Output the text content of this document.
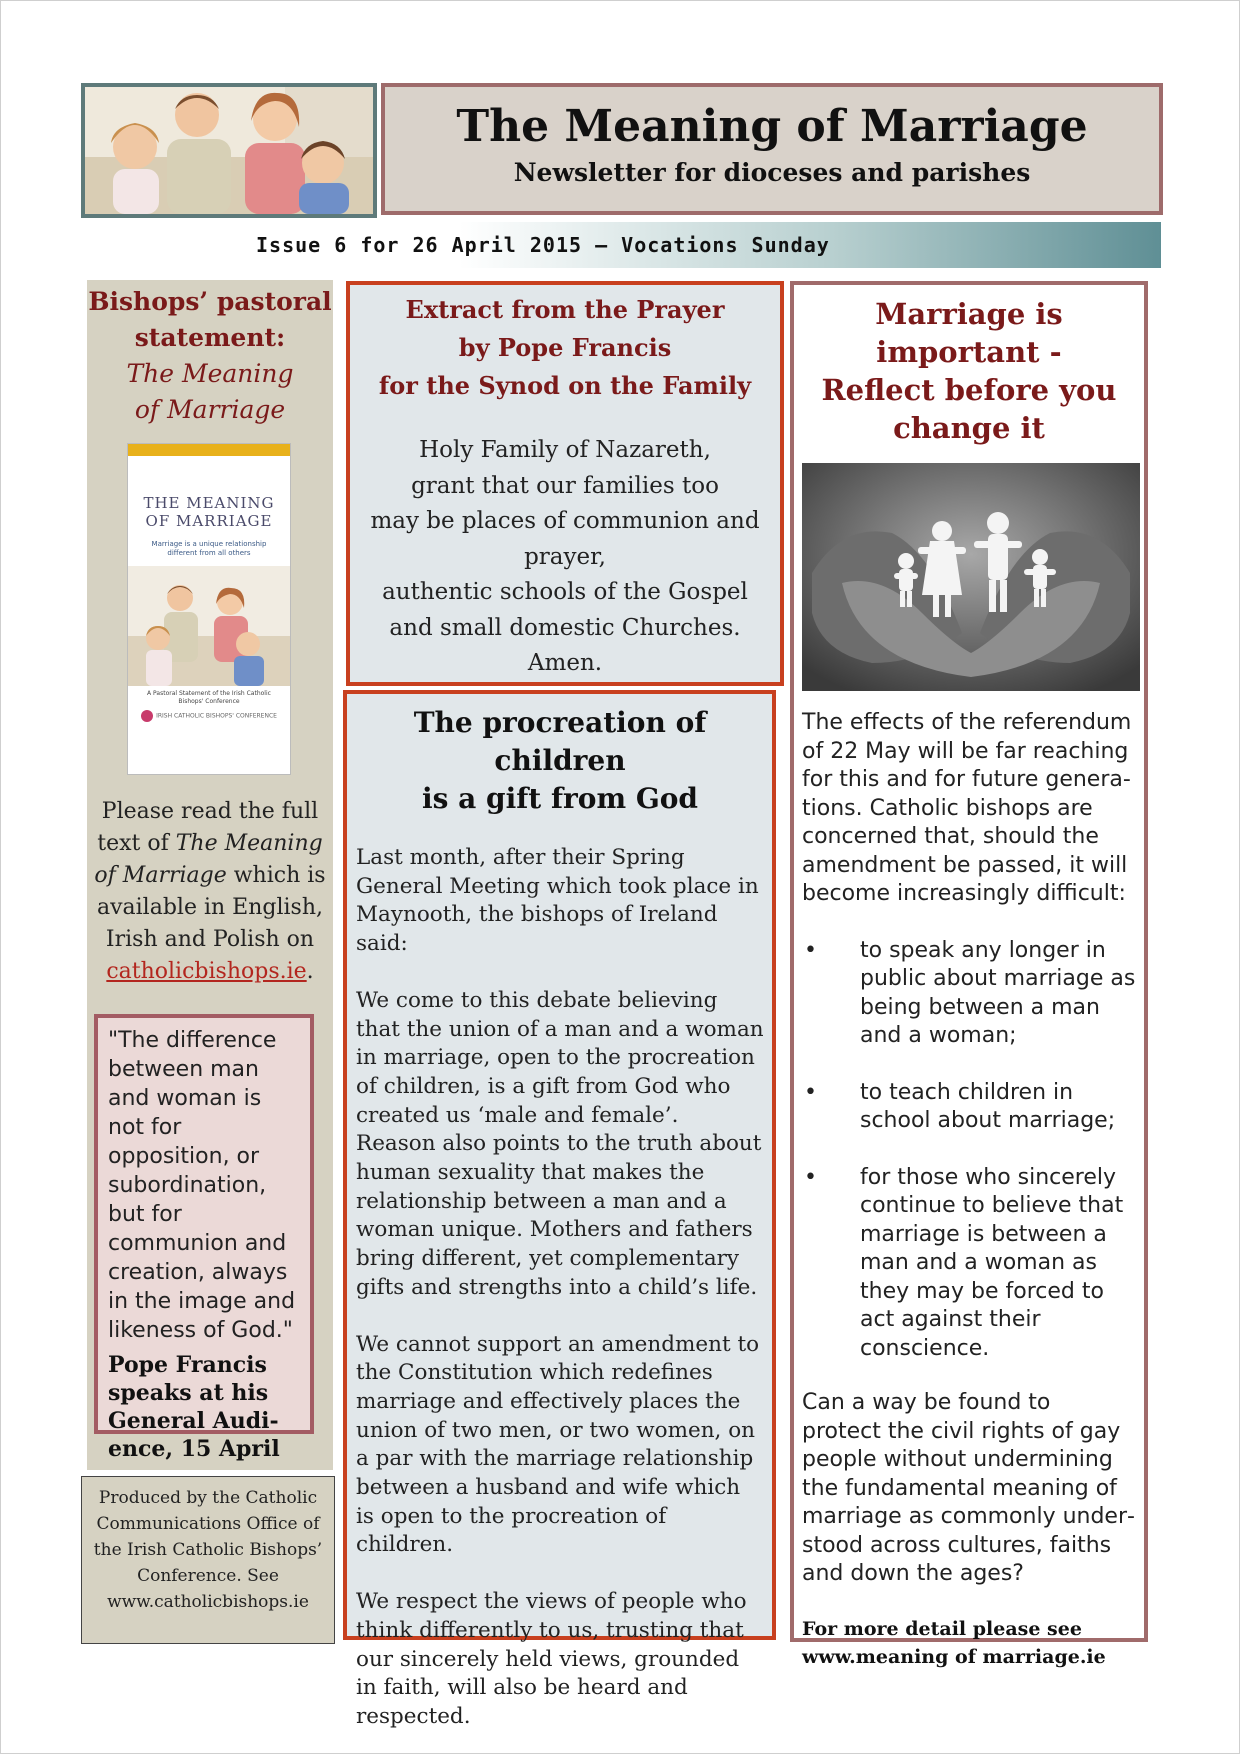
The Meaning of Marriage
Newsletter for dioceses and parishes
Issue 6 for 26 April 2015 — Vocations Sunday
Bishops’ pastoral
statement:
The Meaning
of Marriage
THE MEANING
OF MARRIAGE
Marriage is a unique relationship different from all others
A Pastoral Statement of the Irish Catholic Bishops' Conference
IRISH CATHOLIC BISHOPS' CONFERENCE
Please read the full text of The Meaning of Marriage which is available in English, Irish and Polish on catholicbishops.ie.
"The difference between man and woman is not for opposition, or subordination, but for communion and creation, always in the image and likeness of God."
Pope Francis speaks at his General Audience, 15 April
Produced by the Catholic Communications Office of the Irish Catholic Bishops’ Conference. See www.catholicbishops.ie
Extract from the Prayer
by Pope Francis
for the Synod on the Family
Holy Family of Nazareth,
grant that our families too
may be places of communion and
prayer,
authentic schools of the Gospel
and small domestic Churches. Amen.
The procreation of children
is a gift from God

Last month, after their Spring General Meeting which took place in Maynooth, the bishops of Ireland said:

We come to this debate believing that the union of a man and a woman in marriage, open to the procreation of children, is a gift from God who created us ‘male and female’. Reason also points to the truth about human sexuality that makes the relationship between a man and a woman unique. Mothers and fathers bring different, yet complementary gifts and strengths into a child’s life.

We cannot support an amendment to the Constitution which redefines marriage and effectively places the union of two men, or two women, on a par with the marriage relationship between a husband and wife which is open to the procreation of children.

We respect the views of people who think differently to us, trusting that our sincerely held views, grounded in faith, will also be heard and respected.

Marriage is important -
Reflect before you
change it

The effects of the referendum of 22 May will be far reaching for this and for future generations. Catholic bishops are concerned that, should the amendment be passed, it will become increasingly difficult:

• to speak any longer in public about marriage as being between a man and a woman;
• to teach children in school about marriage;
• for those who sincerely continue to believe that marriage is between a man and a woman as they may be forced to act against their conscience.

Can a way be found to protect the civil rights of gay people without undermining the fundamental meaning of marriage as commonly understood across cultures, faiths and down the ages?

For more detail please see
www.meaning of marriage.ie
